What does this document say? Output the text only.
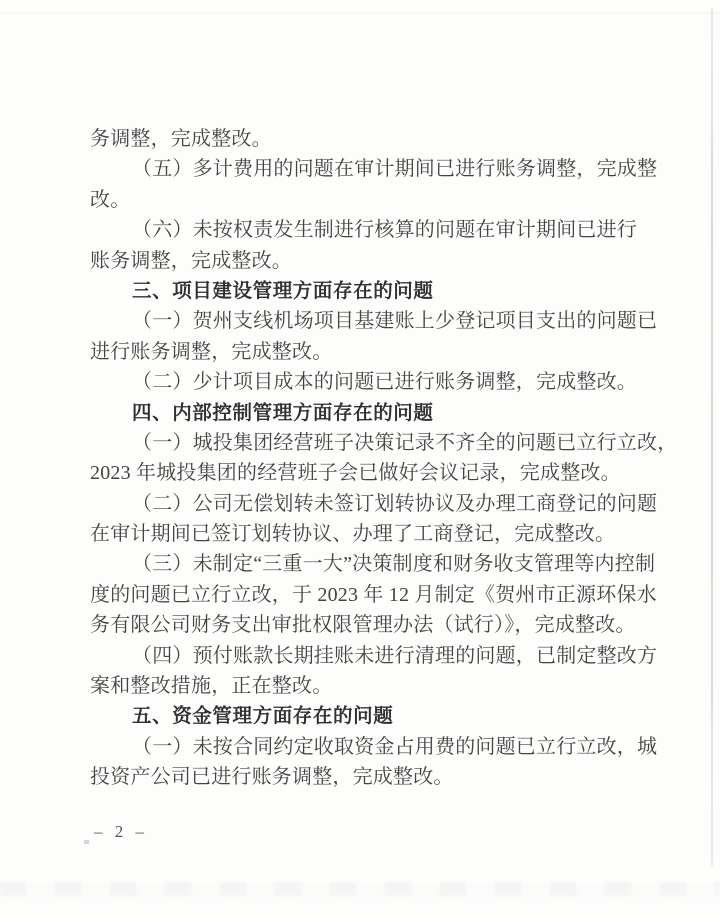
务调整，完成整改。
（五）多计费用的问题在审计期间已进行账务调整，完成整
改。
（六）未按权责发生制进行核算的问题在审计期间已进行
账务调整，完成整改。
三、项目建设管理方面存在的问题
（一）贺州支线机场项目基建账上少登记项目支出的问题已
进行账务调整，完成整改。
（二）少计项目成本的问题已进行账务调整，完成整改。
四、内部控制管理方面存在的问题
（一）城投集团经营班子决策记录不齐全的问题已立行立改，
2023 年城投集团的经营班子会已做好会议记录，完成整改。
（二）公司无偿划转未签订划转协议及办理工商登记的问题
在审计期间已签订划转协议、办理了工商登记，完成整改。
（三）未制定“三重一大”决策制度和财务收支管理等内控制
度的问题已立行立改，于 2023 年 12 月制定《贺州市正源环保水
务有限公司财务支出审批权限管理办法（试行）》，完成整改。
（四）预付账款长期挂账未进行清理的问题，已制定整改方
案和整改措施，正在整改。
五、资金管理方面存在的问题
（一）未按合同约定收取资金占用费的问题已立行立改，城
投资产公司已进行账务调整，完成整改。
– 2 –
